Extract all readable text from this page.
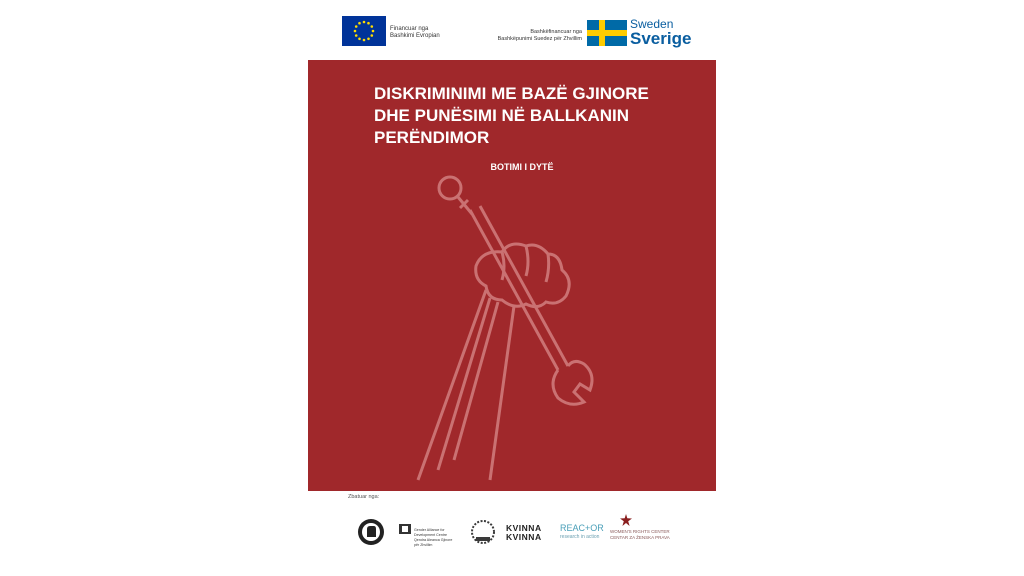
Financuar nga
Bashkimi Evropian
Bashkëfinancuar nga
Bashkëpunimi Suedez për Zhvillim
Sweden
Sverige
DISKRIMINIMI ME BAZË GJINORE
DHE PUNËSIMI NË BALLKANIN
PERËNDIMOR
BOTIMI I DYTË
Zbatuar nga:
Gender Alliance for Development Centre
Qendra Aleanca Gjinore për Zhvillim
KVINNA
KVINNA
REAC+OR
research in action
WOMEN'S RIGHTS CENTER
CENTAR ZA ŽENSKA PRAVA
